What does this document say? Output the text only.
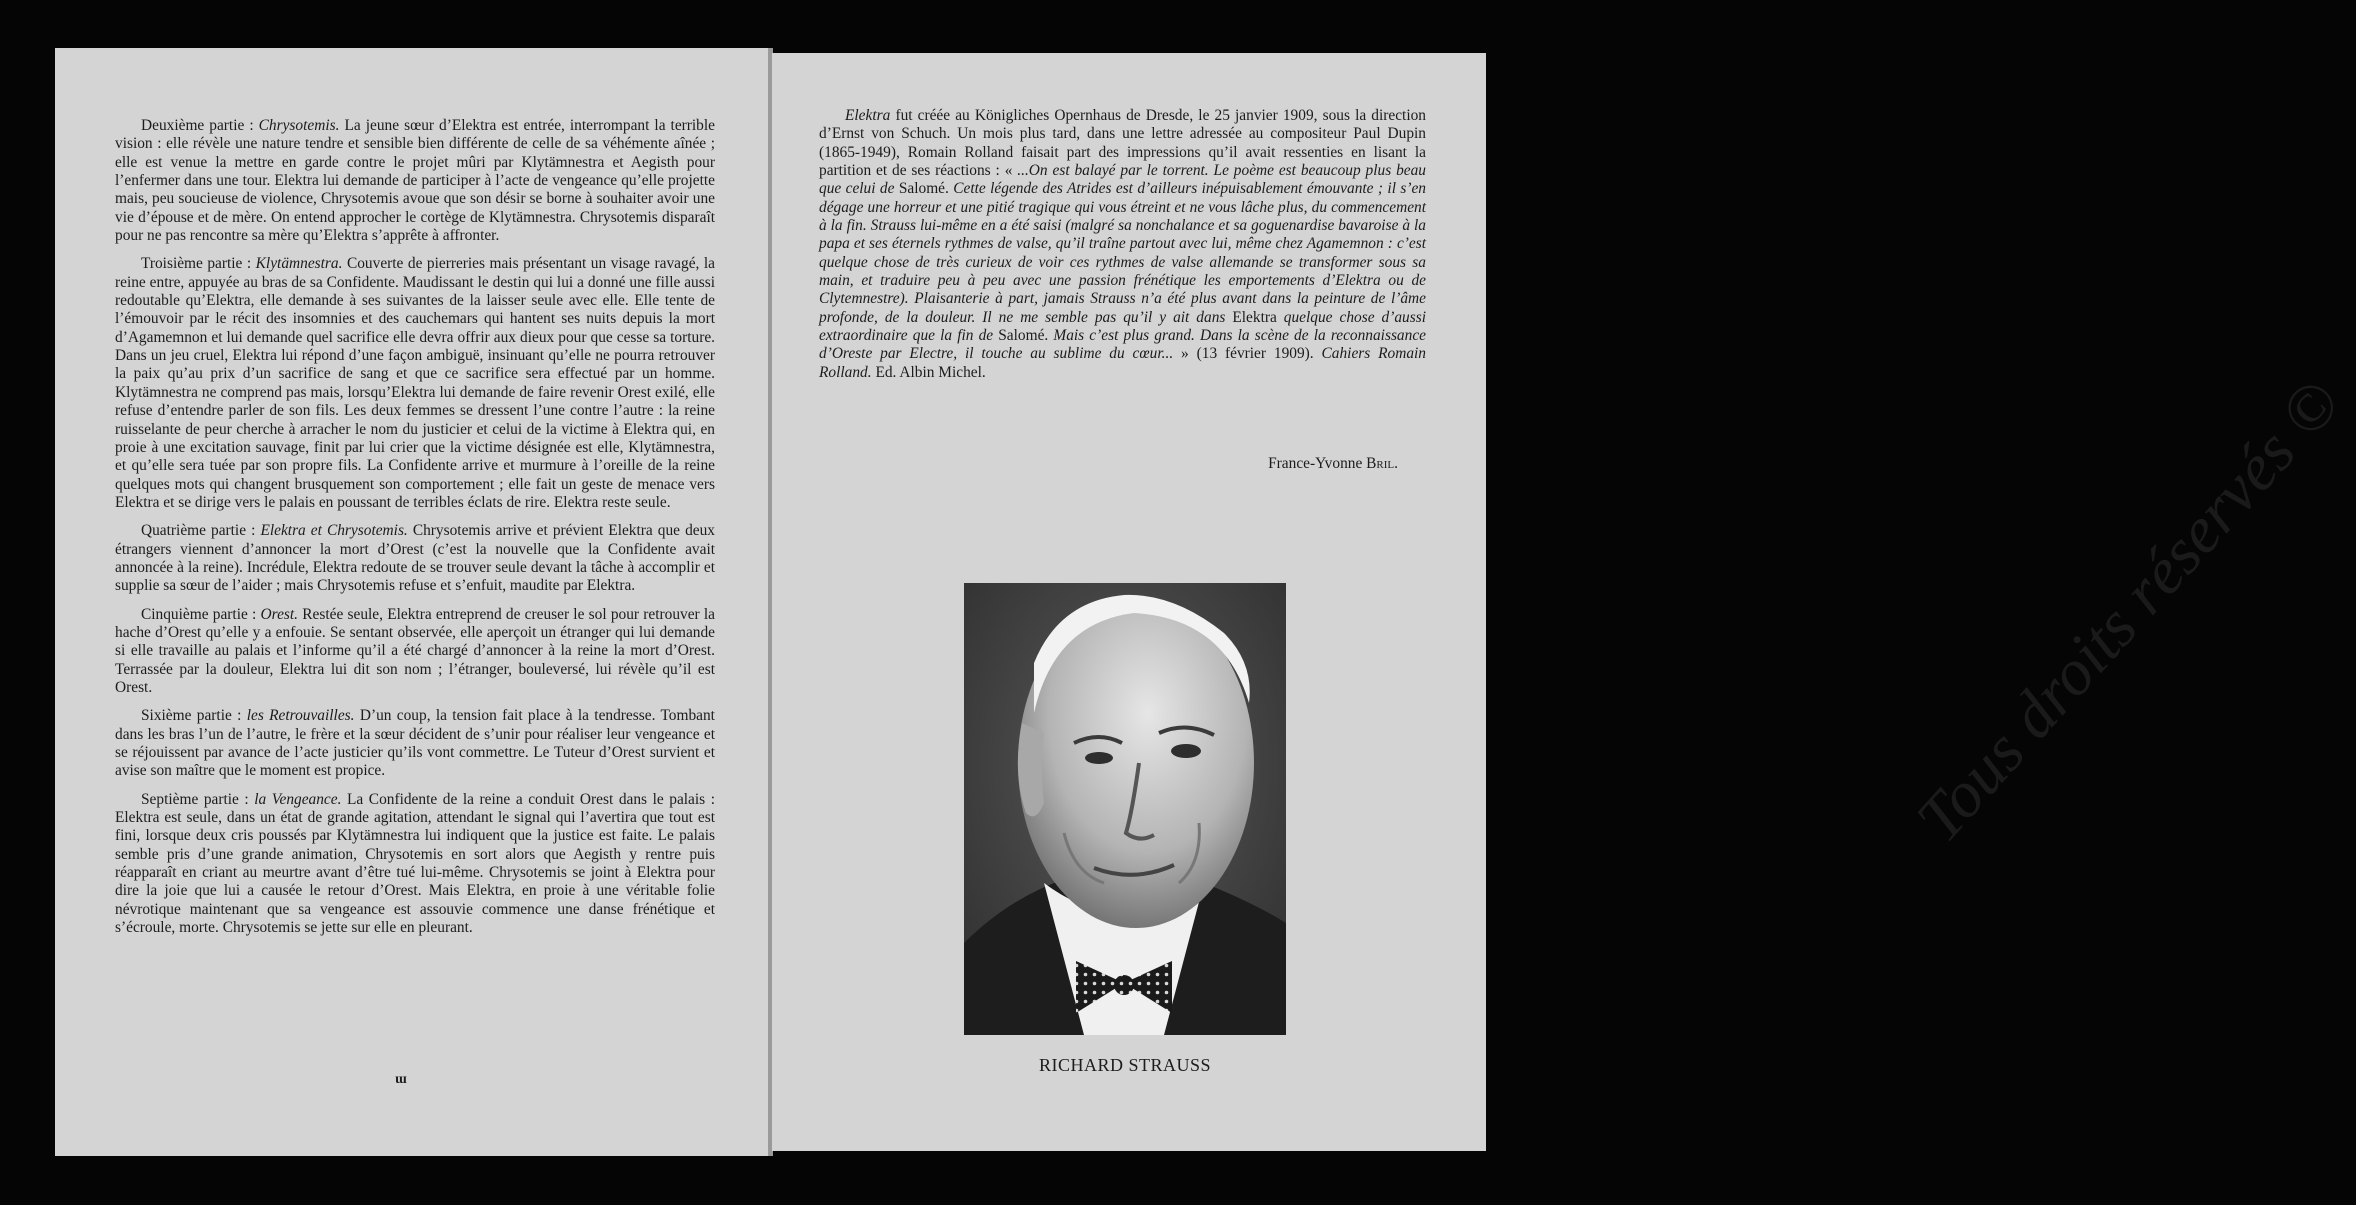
Deuxième partie : Chrysotemis. La jeune sœur d’Elektra est entrée, interrompant la terrible vision : elle révèle une nature tendre et sensible bien différente de celle de sa véhémente aînée ; elle est venue la mettre en garde contre le projet mûri par Klytämnestra et Aegisth pour l’enfermer dans une tour. Elektra lui demande de participer à l’acte de vengeance qu’elle projette mais, peu soucieuse de violence, Chrysotemis avoue que son désir se borne à souhaiter avoir une vie d’épouse et de mère. On entend approcher le cortège de Klytämnestra. Chrysotemis disparaît pour ne pas rencontre sa mère qu’Elektra s’apprête à affronter.

Troisième partie : Klytämnestra. Couverte de pierreries mais présentant un visage ravagé, la reine entre, appuyée au bras de sa Confidente. Maudissant le destin qui lui a donné une fille aussi redoutable qu’Elektra, elle demande à ses suivantes de la laisser seule avec elle. Elle tente de l’émouvoir par le récit des insomnies et des cauchemars qui hantent ses nuits depuis la mort d’Agamemnon et lui demande quel sacrifice elle devra offrir aux dieux pour que cesse sa torture. Dans un jeu cruel, Elektra lui répond d’une façon ambiguë, insinuant qu’elle ne pourra retrouver la paix qu’au prix d’un sacrifice de sang et que ce sacrifice sera effectué par un homme. Klytämnestra ne comprend pas mais, lorsqu’Elektra lui demande de faire revenir Orest exilé, elle refuse d’entendre parler de son fils. Les deux femmes se dressent l’une contre l’autre : la reine ruisselante de peur cherche à arracher le nom du justicier et celui de la victime à Elektra qui, en proie à une excitation sauvage, finit par lui crier que la victime désignée est elle, Klytämnestra, et qu’elle sera tuée par son propre fils. La Confidente arrive et murmure à l’oreille de la reine quelques mots qui changent brusquement son comportement ; elle fait un geste de menace vers Elektra et se dirige vers le palais en poussant de terribles éclats de rire. Elektra reste seule.

Quatrième partie : Elektra et Chrysotemis. Chrysotemis arrive et prévient Elektra que deux étrangers viennent d’annoncer la mort d’Orest (c’est la nouvelle que la Confidente avait annoncée à la reine). Incrédule, Elektra redoute de se trouver seule devant la tâche à accomplir et supplie sa sœur de l’aider ; mais Chrysotemis refuse et s’enfuit, maudite par Elektra.

Cinquième partie : Orest. Restée seule, Elektra entreprend de creuser le sol pour retrouver la hache d’Orest qu’elle y a enfouie. Se sentant observée, elle aperçoit un étranger qui lui demande si elle travaille au palais et l’informe qu’il a été chargé d’annoncer à la reine la mort d’Orest. Terrassée par la douleur, Elektra lui dit son nom ; l’étranger, bouleversé, lui révèle qu’il est Orest.

Sixième partie : les Retrouvailles. D’un coup, la tension fait place à la tendresse. Tombant dans les bras l’un de l’autre, le frère et la sœur décident de s’unir pour réaliser leur vengeance et se réjouissent par avance de l’acte justicier qu’ils vont commettre. Le Tuteur d’Orest survient et avise son maître que le moment est propice.

Septième partie : la Vengeance. La Confidente de la reine a conduit Orest dans le palais : Elektra est seule, dans un état de grande agitation, attendant le signal qui l’avertira que tout est fini, lorsque deux cris poussés par Klytämnestra lui indiquent que la justice est faite. Le palais semble pris d’une grande animation, Chrysotemis en sort alors que Aegisth y rentre puis réapparaît en criant au meurtre avant d’être tué lui-même. Chrysotemis se joint à Elektra pour dire la joie que lui a causée le retour d’Orest. Mais Elektra, en proie à une véritable folie névrotique maintenant que sa vengeance est assouvie commence une danse frénétique et s’écroule, morte. Chrysotemis se jette sur elle en pleurant.

ɯ
Tous droits réservés ©

Elektra fut créée au Königliches Opernhaus de Dresde, le 25 janvier 1909, sous la direction d’Ernst von Schuch. Un mois plus tard, dans une lettre adressée au compositeur Paul Dupin (1865-1949), Romain Rolland faisait part des impressions qu’il avait ressenties en lisant la partition et de ses réactions : « ...On est balayé par le torrent. Le poème est beaucoup plus beau que celui de Salomé. Cette légende des Atrides est d’ailleurs inépuisablement émouvante ; il s’en dégage une horreur et une pitié tragique qui vous étreint et ne vous lâche plus, du commencement à la fin. Strauss lui-même en a été saisi (malgré sa nonchalance et sa goguenardise bavaroise à la papa et ses éternels rythmes de valse, qu’il traîne partout avec lui, même chez Agamemnon : c’est quelque chose de très curieux de voir ces rythmes de valse allemande se transformer sous sa main, et traduire peu à peu avec une passion frénétique les emportements d’Elektra ou de Clytemnestre). Plaisanterie à part, jamais Strauss n’a été plus avant dans la peinture de l’âme profonde, de la douleur. Il ne me semble pas qu’il y ait dans Elektra quelque chose d’aussi extraordinaire que la fin de Salomé. Mais c’est plus grand. Dans la scène de la reconnaissance d’Oreste par Electre, il touche au sublime du cœur... » (13 février 1909). Cahiers Romain Rolland. Ed. Albin Michel.

France-Yvonne Bril.
RICHARD STRAUSS
